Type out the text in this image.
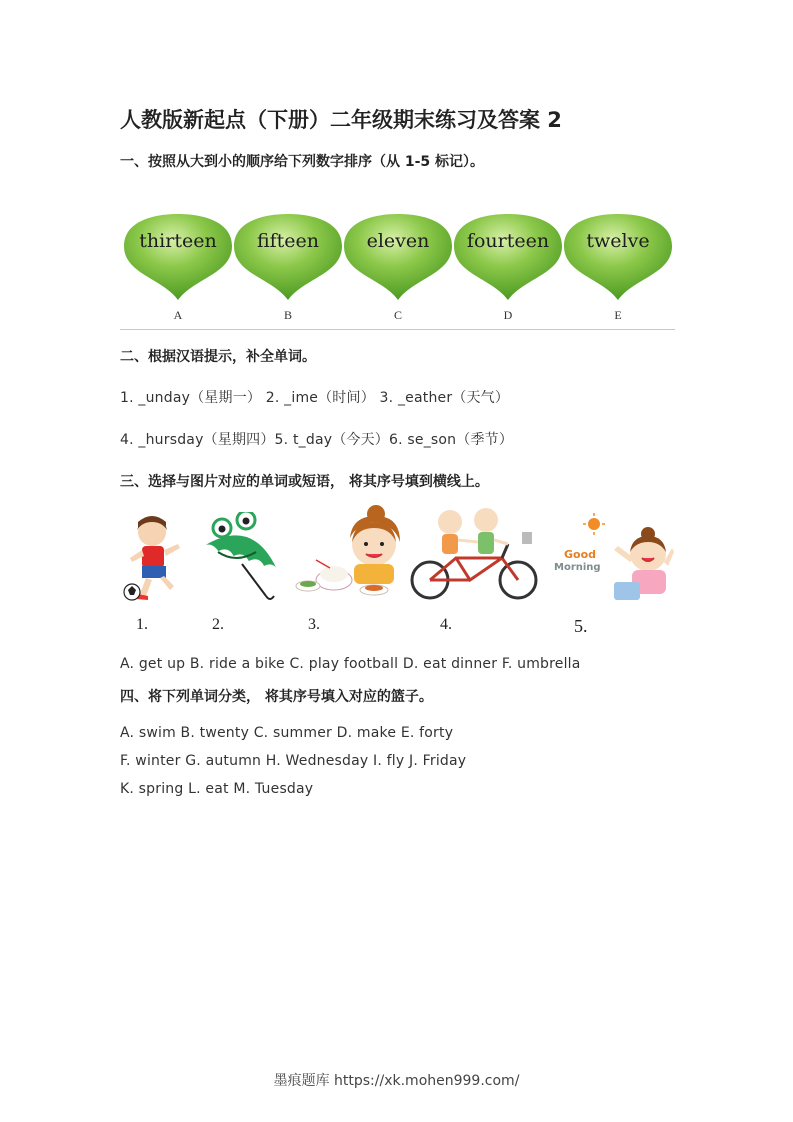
人教版新起点（下册）二年级期末练习及答案 2
一、按照从大到小的顺序给下列数字排序（从 1-5 标记）。
thirteen
A
fifteen
B
eleven
C
fourteen
D
twelve
E
二、根据汉语提示，补全单词。
1. _unday（星期一） 2. _ime（时间） 3. _eather（天气）
4. _hursday（星期四）5. t_day（今天）6. se_son（季节）
三、选择与图片对应的单词或短语， 将其序号填到横线上。
Good
Morning
1.	2.	3.	4.	5.
A. get up B. ride a bike C. play football D. eat dinner F. umbrella
四、将下列单词分类， 将其序号填入对应的篮子。
A. swim B. twenty C. summer D. make E. forty
F. winter G. autumn H. Wednesday I. fly J. Friday
K. spring L. eat M. Tuesday
墨痕题库 https://xk.mohen999.com/
